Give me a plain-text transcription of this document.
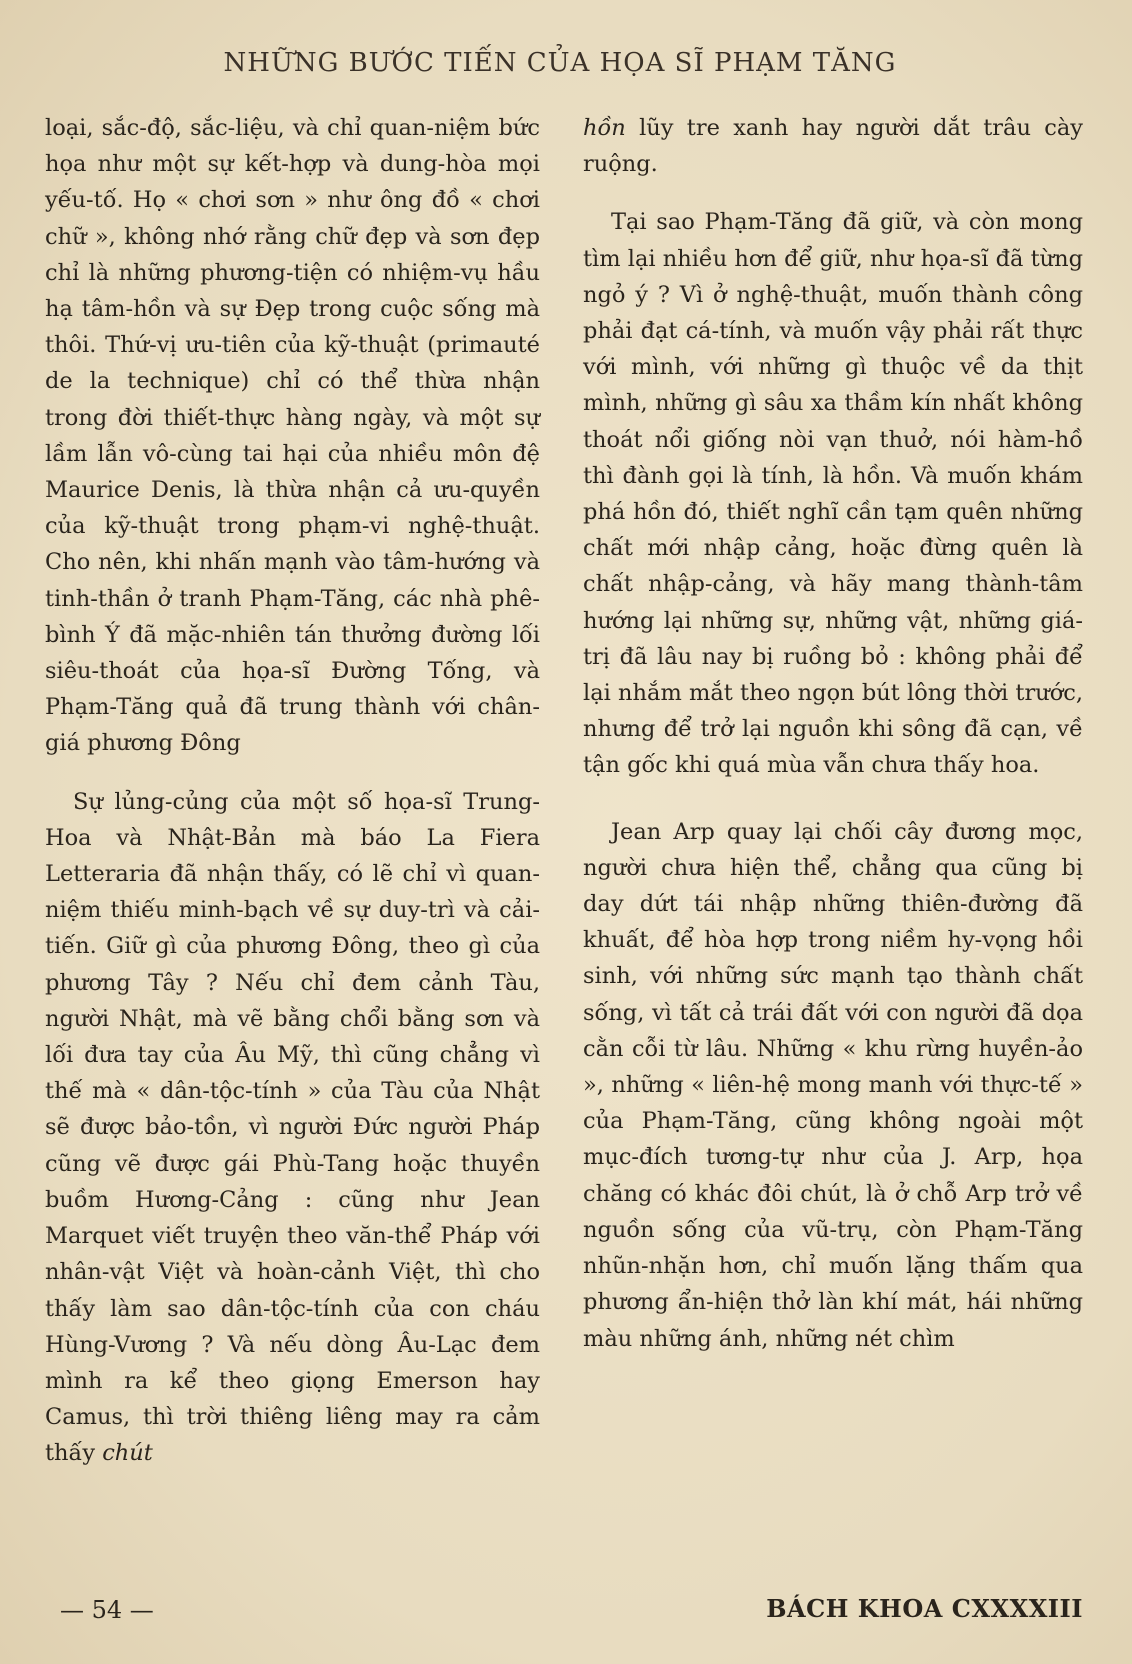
NHỮNG BƯỚC TIẾN CỦA HỌA SĨ PHẠM TĂNG

loại, sắc-độ, sắc-liệu, và chỉ quan-niệm bức họa như một sự kết-hợp và dung-hòa mọi yếu-tố. Họ « chơi sơn » như ông đồ « chơi chữ », không nhớ rằng chữ đẹp và sơn đẹp chỉ là những phương-tiện có nhiệm-vụ hầu hạ tâm-hồn và sự Đẹp trong cuộc sống mà thôi. Thứ-vị ưu-tiên của kỹ-thuật (primauté de la technique) chỉ có thể thừa nhận trong đời thiết-thực hàng ngày, và một sự lầm lẫn vô-cùng tai hại của nhiều môn đệ Maurice Denis, là thừa nhận cả ưu-quyền của kỹ-thuật trong phạm-vi nghệ-thuật. Cho nên, khi nhấn mạnh vào tâm-hướng và tinh-thần ở tranh Phạm-Tăng, các nhà phê-bình Ý đã mặc-nhiên tán thưởng đường lối siêu-thoát của họa-sĩ Đường Tống, và Phạm-Tăng quả đã trung thành với chân-giá phương Đông

Sự lủng-củng của một số họa-sĩ Trung-Hoa và Nhật-Bản mà báo La Fiera Letteraria đã nhận thấy, có lẽ chỉ vì quan-niệm thiếu minh-bạch về sự duy-trì và cải-tiến. Giữ gì của phương Đông, theo gì của phương Tây ? Nếu chỉ đem cảnh Tàu, người Nhật, mà vẽ bằng chổi bằng sơn và lối đưa tay của Âu Mỹ, thì cũng chẳng vì thế mà « dân-tộc-tính » của Tàu của Nhật sẽ được bảo-tồn, vì người Đức người Pháp cũng vẽ được gái Phù-Tang hoặc thuyền buồm Hương-Cảng : cũng như Jean Marquet viết truyện theo văn-thể Pháp với nhân-vật Việt và hoàn-cảnh Việt, thì cho thấy làm sao dân-tộc-tính của con cháu Hùng-Vương ? Và nếu dòng Âu-Lạc đem mình ra kể theo giọng Emerson hay Camus, thì trời thiêng liêng may ra cảm thấy chút

hồn lũy tre xanh hay người dắt trâu cày ruộng.

Tại sao Phạm-Tăng đã giữ, và còn mong tìm lại nhiều hơn để giữ, như họa-sĩ đã từng ngỏ ý ? Vì ở nghệ-thuật, muốn thành công phải đạt cá-tính, và muốn vậy phải rất thực với mình, với những gì thuộc về da thịt mình, những gì sâu xa thầm kín nhất không thoát nổi giống nòi vạn thuở, nói hàm-hồ thì đành gọi là tính, là hồn. Và muốn khám phá hồn đó, thiết nghĩ cần tạm quên những chất mới nhập cảng, hoặc đừng quên là chất nhập-cảng, và hãy mang thành-tâm hướng lại những sự, những vật, những giá-trị đã lâu nay bị ruồng bỏ : không phải để lại nhắm mắt theo ngọn bút lông thời trước, nhưng để trở lại nguồn khi sông đã cạn, về tận gốc khi quá mùa vẫn chưa thấy hoa.

Jean Arp quay lại chối cây đương mọc, người chưa hiện thể, chẳng qua cũng bị day dứt tái nhập những thiên-đường đã khuất, để hòa hợp trong niềm hy-vọng hồi sinh, với những sức mạnh tạo thành chất sống, vì tất cả trái đất với con người đã dọa cằn cỗi từ lâu. Những « khu rừng huyền-ảo », những « liên-hệ mong manh với thực-tế » của Phạm-Tăng, cũng không ngoài một mục-đích tương-tự như của J. Arp, họa chăng có khác đôi chút, là ở chỗ Arp trở về nguồn sống của vũ-trụ, còn Phạm-Tăng nhũn-nhặn hơn, chỉ muốn lặng thấm qua phương ẩn-hiện thở làn khí mát, hái những màu những ánh, những nét chìm

— 54 —	BÁCH KHOA CXXXXIII
